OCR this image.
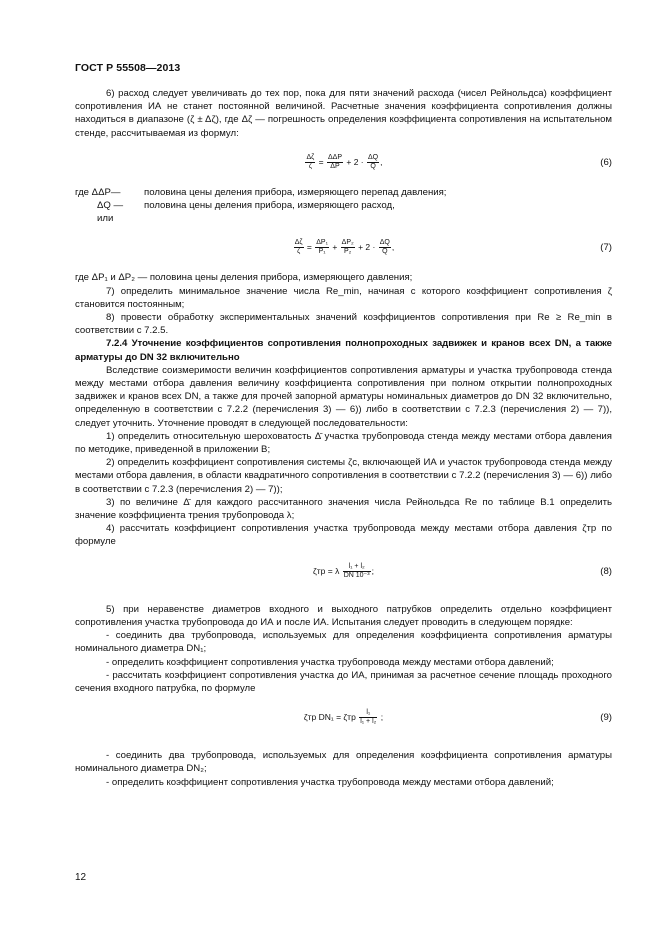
ГОСТ Р 55508—2013

6) расход следует увеличивать до тех пор, пока для пяти значений расхода (чисел Рейнольдса) коэффициент сопротивления ИА не станет постоянной величиной. Расчетные значения коэффициента сопротивления должны находиться в диапазоне (ζ ± Δζ), где Δζ — погрешность определения коэффициента сопротивления на испытательном стенде, рассчитываемая из формул:

$\frac{\Delta\zeta}{\zeta} = \frac{\text{ΔΔP}}{\Delta P} + 2 \cdot \frac{\Delta Q}{Q}$ ,	(6)
где ΔΔP—	половина цены деления прибора, измеряющего перепад давления;
ΔQ —	половина цены деления прибора, измеряющего расход,
или
$\frac{\Delta\zeta}{\zeta} = \frac{\text{ΔP₁}}{\text{P₁}} + \frac{\text{ΔP₂}}{\text{P₂}} + 2 \cdot \frac{\Delta Q}{Q}$ ,	(7)

где ΔP₁ и ΔP₂ — половина цены деления прибора, измеряющего давления;

7) определить минимальное значение числа Re_min, начиная с которого коэффициент сопротивления ζ становится постоянным;

8) провести обработку экспериментальных значений коэффициентов сопротивления при Re ≥ Re_min в соответствии с 7.2.5.

7.2.4 Уточнение коэффициентов сопротивления полнопроходных задвижек и кранов всех DN, а также арматуры до DN 32 включительно

Вследствие соизмеримости величин коэффициентов сопротивления арматуры и участка трубопровода стенда между местами отбора давления величину коэффициента сопротивления при полном открытии полнопроходных задвижек и кранов всех DN, а также для прочей запорной арматуры номинальных диаметров до DN 32 включительно, определенную в соответствии с 7.2.2 (перечисления 3) — 6)) либо в соответствии с 7.2.3 (перечисления 2) — 7)), следует уточнить. Уточнение проводят в следующей последовательности:

1) определить относительную шероховатость Δ̄ участка трубопровода стенда между местами отбора давления по методике, приведенной в приложении В;

2) определить коэффициент сопротивления системы ζс, включающей ИА и участок трубопровода стенда между местами отбора давления, в области квадратичного сопротивления в соответствии с 7.2.2 (перечисления 3) — 6)) либо в соответствии с 7.2.3 (перечисления 2) — 7));

3) по величине Δ̄ для каждого рассчитанного значения числа Рейнольдса Re по таблице В.1 определить значение коэффициента трения трубопровода λ;

4) рассчитать коэффициент сопротивления участка трубопровода между местами отбора давления ζтр по формуле

ζтр = λ $\frac{\text{l₁ + l₂}}{\text{DN 10⁻³}}$ ;	(8)

5) при неравенстве диаметров входного и выходного патрубков определить отдельно коэффициент сопротивления участка трубопровода до ИА и после ИА. Испытания следует проводить в следующем порядке:

- соединить два трубопровода, используемых для определения коэффициента сопротивления арматуры номинального диаметра DN₁;

- определить коэффициент сопротивления участка трубопровода между местами отбора давлений;

- рассчитать коэффициент сопротивления участка до ИА, принимая за расчетное сечение площадь проходного сечения входного патрубка, по формуле

ζтр DN₁ = ζтр $\frac{\text{l₁}}{\text{l₁ + l₂}}$ ;	(9)

- соединить два трубопровода, используемых для определения коэффициента сопротивления арматуры номинального диаметра DN₂;

- определить коэффициент сопротивления участка трубопровода между местами отбора давлений;

12
